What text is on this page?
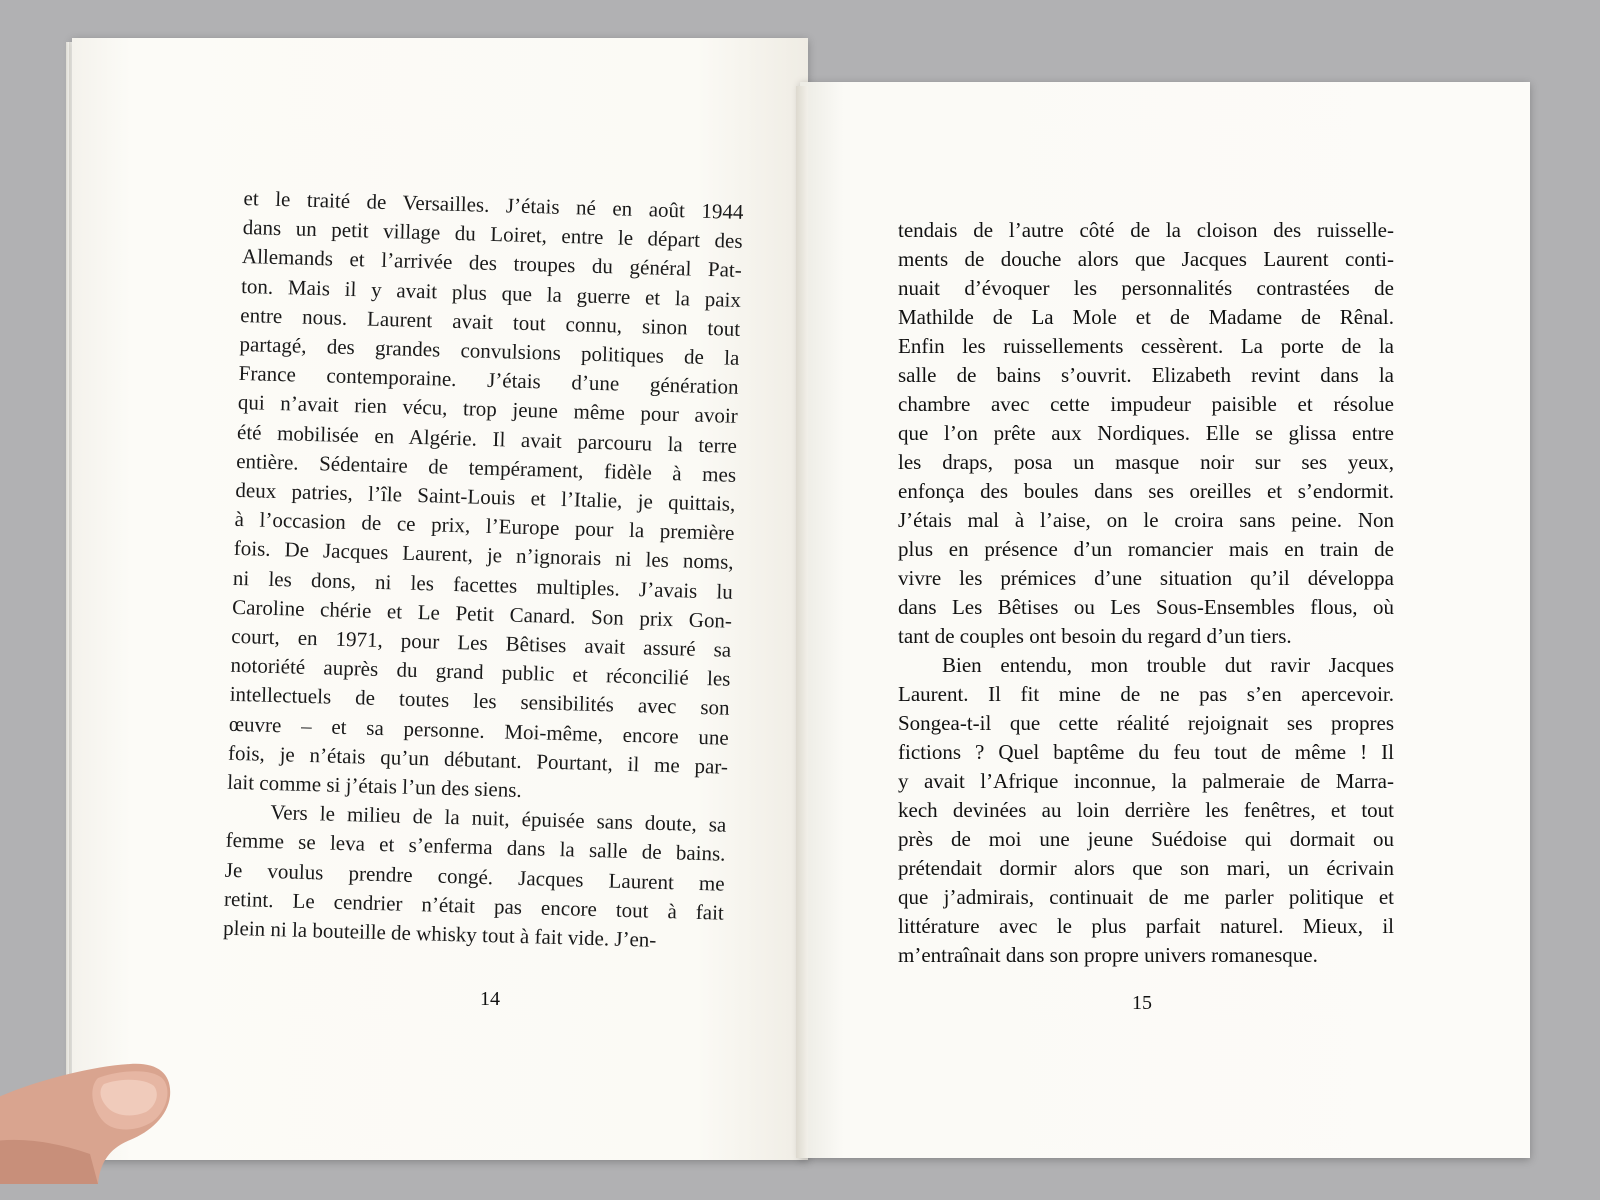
et le traité de Versailles. J’étais né en août 1944
dans un petit village du Loiret, entre le départ des
Allemands et l’arrivée des troupes du général Pat-
ton. Mais il y avait plus que la guerre et la paix
entre nous. Laurent avait tout connu, sinon tout
partagé, des grandes convulsions politiques de la
France contemporaine. J’étais d’une génération
qui n’avait rien vécu, trop jeune même pour avoir
été mobilisée en Algérie. Il avait parcouru la terre
entière. Sédentaire de tempérament, fidèle à mes
deux patries, l’île Saint-Louis et l’Italie, je quittais,
à l’occasion de ce prix, l’Europe pour la première
fois. De Jacques Laurent, je n’ignorais ni les noms,
ni les dons, ni les facettes multiples. J’avais lu
Caroline chérie et Le Petit Canard. Son prix Gon-
court, en 1971, pour Les Bêtises avait assuré sa
notoriété auprès du grand public et réconcilié les
intellectuels de toutes les sensibilités avec son
œuvre – et sa personne. Moi-même, encore une
fois, je n’étais qu’un débutant. Pourtant, il me par-
lait comme si j’étais l’un des siens.
Vers le milieu de la nuit, épuisée sans doute, sa
femme se leva et s’enferma dans la salle de bains.
Je voulus prendre congé. Jacques Laurent me
retint. Le cendrier n’était pas encore tout à fait
plein ni la bouteille de whisky tout à fait vide. J’en-
tendais de l’autre côté de la cloison des ruisselle-
ments de douche alors que Jacques Laurent conti-
nuait d’évoquer les personnalités contrastées de
Mathilde de La Mole et de Madame de Rênal.
Enfin les ruissellements cessèrent. La porte de la
salle de bains s’ouvrit. Elizabeth revint dans la
chambre avec cette impudeur paisible et résolue
que l’on prête aux Nordiques. Elle se glissa entre
les draps, posa un masque noir sur ses yeux,
enfonça des boules dans ses oreilles et s’endormit.
J’étais mal à l’aise, on le croira sans peine. Non
plus en présence d’un romancier mais en train de
vivre les prémices d’une situation qu’il développa
dans Les Bêtises ou Les Sous-Ensembles flous, où
tant de couples ont besoin du regard d’un tiers.
Bien entendu, mon trouble dut ravir Jacques
Laurent. Il fit mine de ne pas s’en apercevoir.
Songea-t-il que cette réalité rejoignait ses propres
fictions ? Quel baptême du feu tout de même ! Il
y avait l’Afrique inconnue, la palmeraie de Marra-
kech devinées au loin derrière les fenêtres, et tout
près de moi une jeune Suédoise qui dormait ou
prétendait dormir alors que son mari, un écrivain
que j’admirais, continuait de me parler politique et
littérature avec le plus parfait naturel. Mieux, il
m’entraînait dans son propre univers romanesque.
14	15
